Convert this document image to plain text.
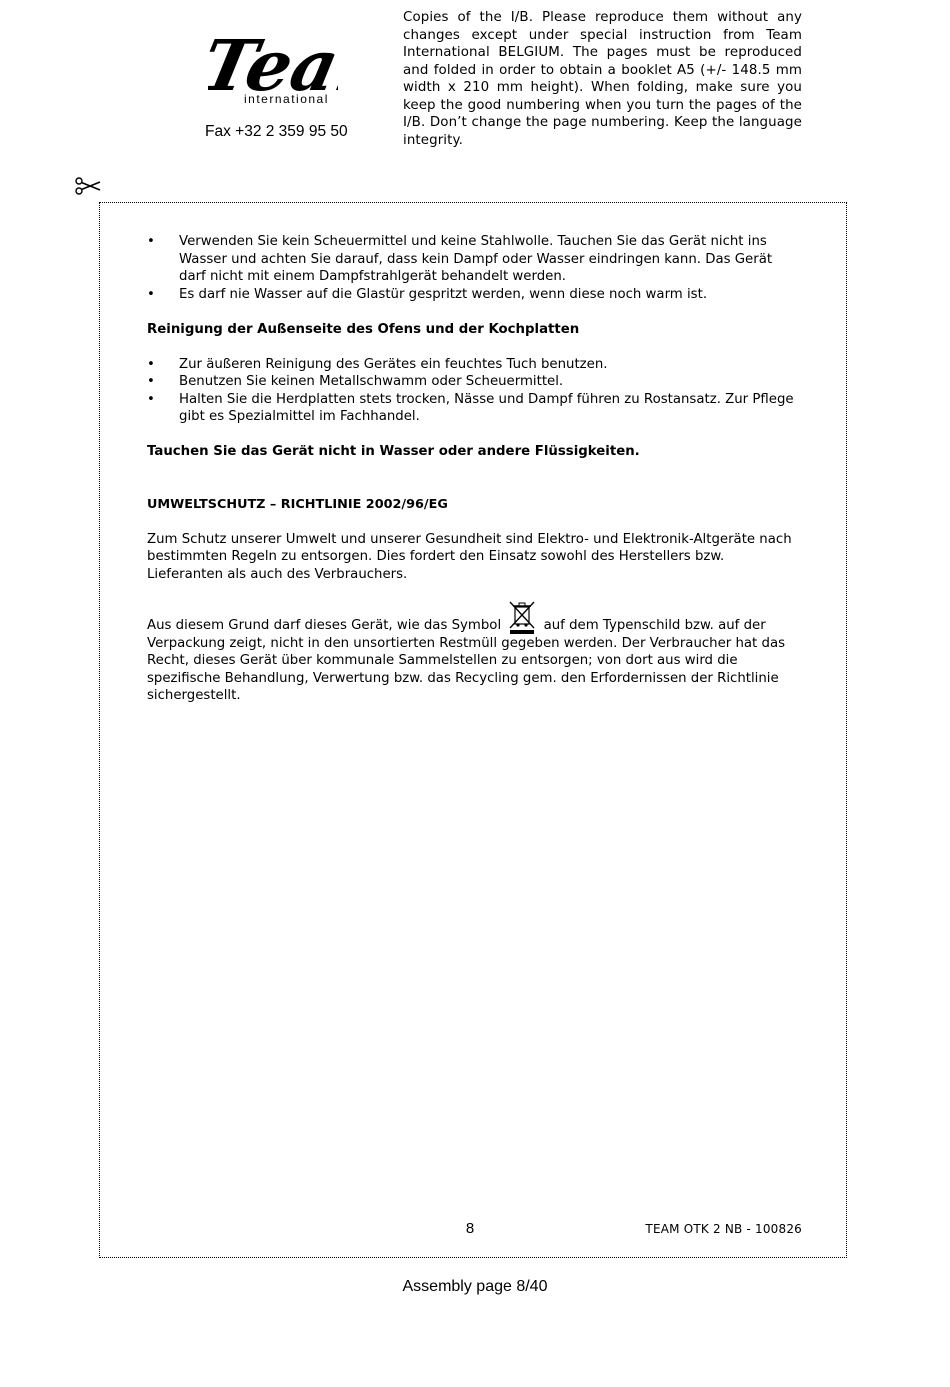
Team
international
Fax +32 2 359 95 50

Copies of the I/B. Please reproduce them without any changes except under special instruction from Team International BELGIUM. The pages must be reproduced and folded in order to obtain a booklet A5 (+/- 148.5 mm width x 210 mm height). When folding, make sure you keep the good numbering when you turn the pages of the I/B. Don’t change the page numbering. Keep the language integrity.

• Verwenden Sie kein Scheuermittel und keine Stahlwolle. Tauchen Sie das Gerät nicht ins Wasser und achten Sie darauf, dass kein Dampf oder Wasser eindringen kann. Das Gerät darf nicht mit einem Dampfstrahlgerät behandelt werden.
• Es darf nie Wasser auf die Glastür gespritzt werden, wenn diese noch warm ist.
Reinigung der Außenseite des Ofens und der Kochplatten
• Zur äußeren Reinigung des Gerätes ein feuchtes Tuch benutzen.
• Benutzen Sie keinen Metallschwamm oder Scheuermittel.
• Halten Sie die Herdplatten stets trocken, Nässe und Dampf führen zu Rostansatz. Zur Pflege gibt es Spezialmittel im Fachhandel.
Tauchen Sie das Gerät nicht in Wasser oder andere Flüssigkeiten.
UMWELTSCHUTZ – RICHTLINIE 2002/96/EG

Zum Schutz unserer Umwelt und unserer Gesundheit sind Elektro- und Elektronik-Altgeräte nach bestimmten Regeln zu entsorgen. Dies fordert den Einsatz sowohl des Herstellers bzw. Lieferanten als auch des Verbrauchers.

Aus diesem Grund darf dieses Gerät, wie das Symbol	auf dem Typenschild bzw. auf der Verpackung zeigt, nicht in den unsortierten Restmüll gegeben werden. Der Verbraucher hat das Recht, dieses Gerät über kommunale Sammelstellen zu entsorgen; von dort aus wird die spezifische Behandlung, Verwertung bzw. das Recycling gem. den Erfordernissen der Richtlinie sichergestellt.

8	TEAM OTK 2 NB - 100826
Assembly page 8/40
